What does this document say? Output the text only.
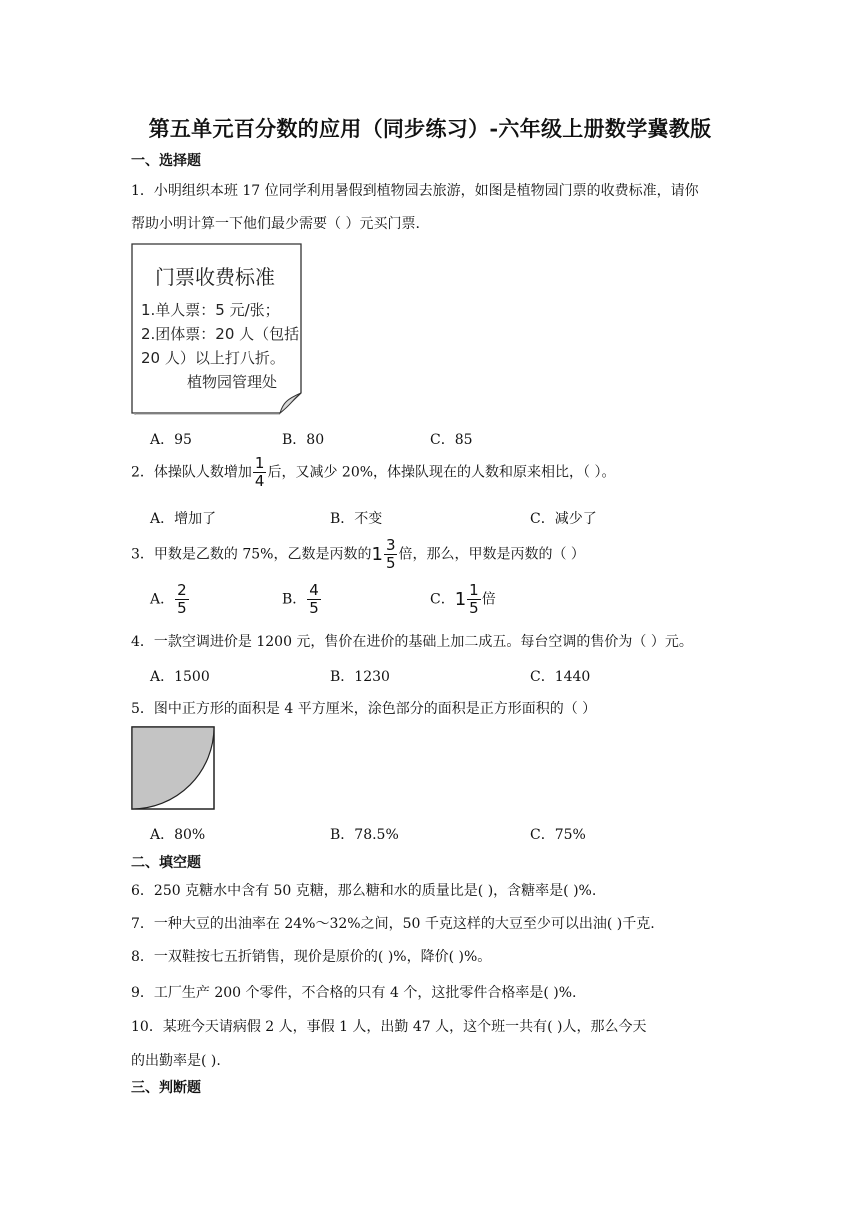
第五单元百分数的应用（同步练习）-六年级上册数学冀教版
一、选择题
1．小明组织本班 17 位同学利用暑假到植物园去旅游，如图是植物园门票的收费标准，请你
帮助小明计算一下他们最少需要（ ）元买门票.
门票收费标准
1.单人票：5 元/张；
2.团体票：20 人（包括
20 人）以上打八折。
植物园管理处
A．95	B．80	C．85
2．体操队人数增加 $\frac{1}{4}$ 后，又减少 20%，体操队现在的人数和原来相比，（ ）。
A．增加了	B．不变	C．减少了
3．甲数是乙数的 75%，乙数是丙数的$1 \frac{3}{5}$ 倍，那么，甲数是丙数的（ ）
A． $\frac{2}{5}$	B． $\frac{4}{5}$	C．$1 \frac{1}{5}$ 倍
4．一款空调进价是 1200 元，售价在进价的基础上加二成五。每台空调的售价为（ ）元。
A．1500	B．1230	C．1440
5．图中正方形的面积是 4 平方厘米，涂色部分的面积是正方形面积的（ ）
A．80%	B．78.5%	C．75%
二、填空题
6．250 克糖水中含有 50 克糖，那么糖和水的质量比是( )，含糖率是( )%.
7．一种大豆的出油率在 24%～32%之间，50 千克这样的大豆至少可以出油( )千克.
8．一双鞋按七五折销售，现价是原价的( )%，降价( )%。
9．工厂生产 200 个零件，不合格的只有 4 个，这批零件合格率是( )%.
10．某班今天请病假 2 人，事假 1 人，出勤 47 人，这个班一共有( )人，那么今天
的出勤率是( ).
三、判断题
